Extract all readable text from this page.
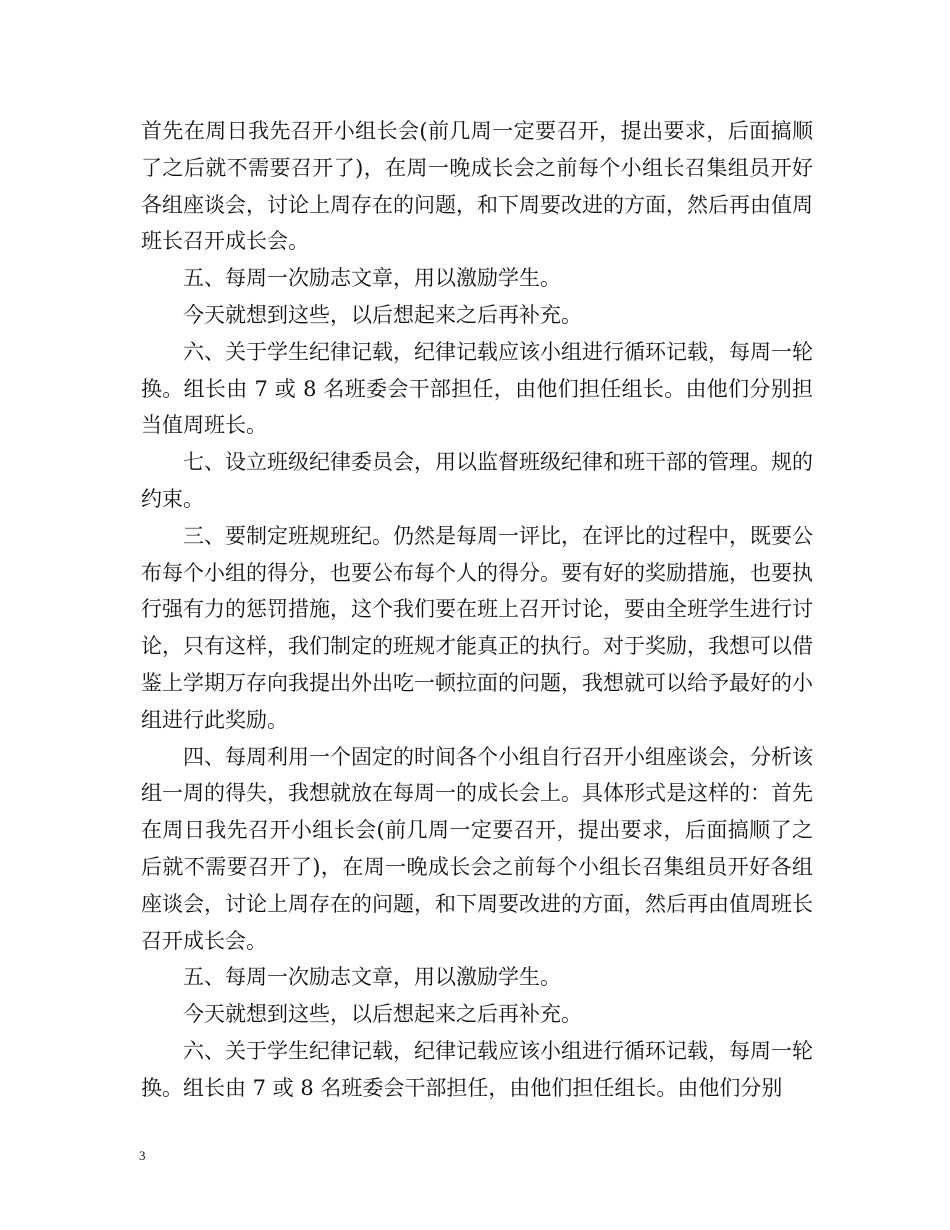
首先在周日我先召开小组长会(前几周一定要召开，提出要求，后面搞顺了之后就不需要召开了)，在周一晚成长会之前每个小组长召集组员开好各组座谈会，讨论上周存在的问题，和下周要改进的方面，然后再由值周班长召开成长会。

五、每周一次励志文章，用以激励学生。

今天就想到这些，以后想起来之后再补充。

六、关于学生纪律记载，纪律记载应该小组进行循环记载，每周一轮换。组长由 7 或 8 名班委会干部担任，由他们担任组长。由他们分别担当值周班长。

七、设立班级纪律委员会，用以监督班级纪律和班干部的管理。规的约束。

三、要制定班规班纪。仍然是每周一评比，在评比的过程中，既要公布每个小组的得分，也要公布每个人的得分。要有好的奖励措施，也要执行强有力的惩罚措施，这个我们要在班上召开讨论，要由全班学生进行讨论，只有这样，我们制定的班规才能真正的执行。对于奖励，我想可以借鉴上学期万存向我提出外出吃一顿拉面的问题，我想就可以给予最好的小组进行此奖励。

四、每周利用一个固定的时间各个小组自行召开小组座谈会，分析该组一周的得失，我想就放在每周一的成长会上。具体形式是这样的：首先在周日我先召开小组长会(前几周一定要召开，提出要求，后面搞顺了之后就不需要召开了)，在周一晚成长会之前每个小组长召集组员开好各组座谈会，讨论上周存在的问题，和下周要改进的方面，然后再由值周班长召开成长会。

五、每周一次励志文章，用以激励学生。

今天就想到这些，以后想起来之后再补充。

六、关于学生纪律记载，纪律记载应该小组进行循环记载，每周一轮换。组长由 7 或 8 名班委会干部担任，由他们担任组长。由他们分别

3
